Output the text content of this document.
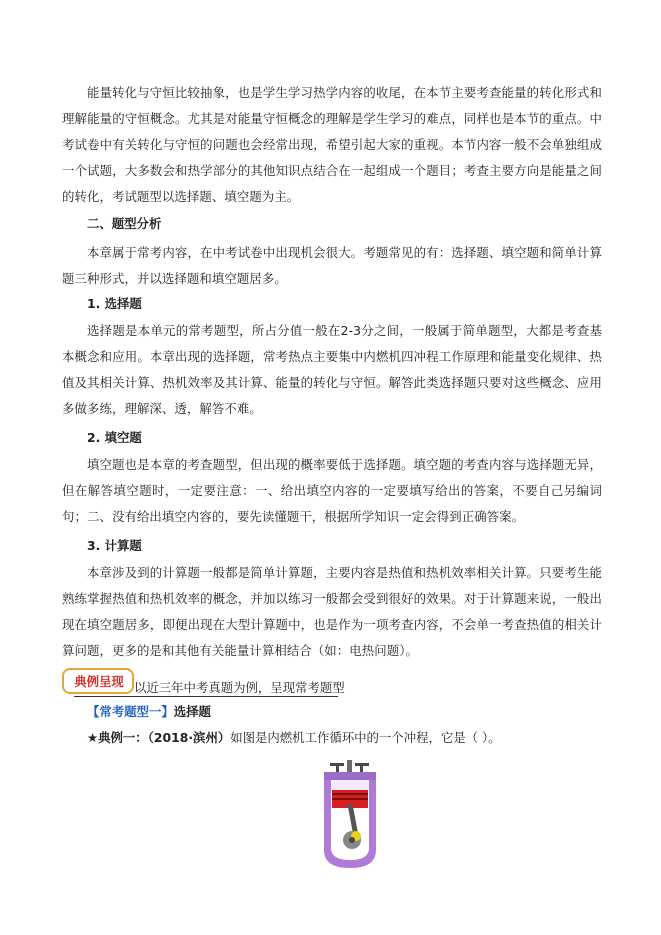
能量转化与守恒比较抽象，也是学生学习热学内容的收尾，在本节主要考查能量的转化形式和理解能量的守恒概念。尤其是对能量守恒概念的理解是学生学习的难点，同样也是本节的重点。中考试卷中有关转化与守恒的问题也会经常出现，希望引起大家的重视。本节内容一般不会单独组成一个试题，大多数会和热学部分的其他知识点结合在一起组成一个题目；考查主要方向是能量之间的转化，考试题型以选择题、填空题为主。

二、题型分析

本章属于常考内容，在中考试卷中出现机会很大。考题常见的有：选择题、填空题和简单计算题三种形式，并以选择题和填空题居多。

1. 选择题

选择题是本单元的常考题型，所占分值一般在2-3分之间，一般属于简单题型，大都是考查基本概念和应用。本章出现的选择题，常考热点主要集中内燃机四冲程工作原理和能量变化规律、热值及其相关计算、热机效率及其计算、能量的转化与守恒。解答此类选择题只要对这些概念、应用多做多练，理解深、透，解答不难。

2. 填空题

填空题也是本章的考查题型，但出现的概率要低于选择题。填空题的考查内容与选择题无异，但在解答填空题时，一定要注意：一、给出填空内容的一定要填写给出的答案，不要自己另编词句；二、没有给出填空内容的，要先读懂题干，根据所学知识一定会得到正确答案。

3. 计算题

本章涉及到的计算题一般都是简单计算题，主要内容是热值和热机效率相关计算。只要考生能熟练掌握热值和热机效率的概念，并加以练习一般都会受到很好的效果。对于计算题来说，一般出现在填空题居多，即便出现在大型计算题中，也是作为一项考查内容，不会单一考查热值的相关计算问题，更多的是和其他有关能量计算相结合（如：电热问题）。

典例呈现 以近三年中考真题为例，呈现常考题型
【常考题型一】选择题
★典例一：（2018·滨州）如图是内燃机工作循环中的一个冲程，它是（ ）。
